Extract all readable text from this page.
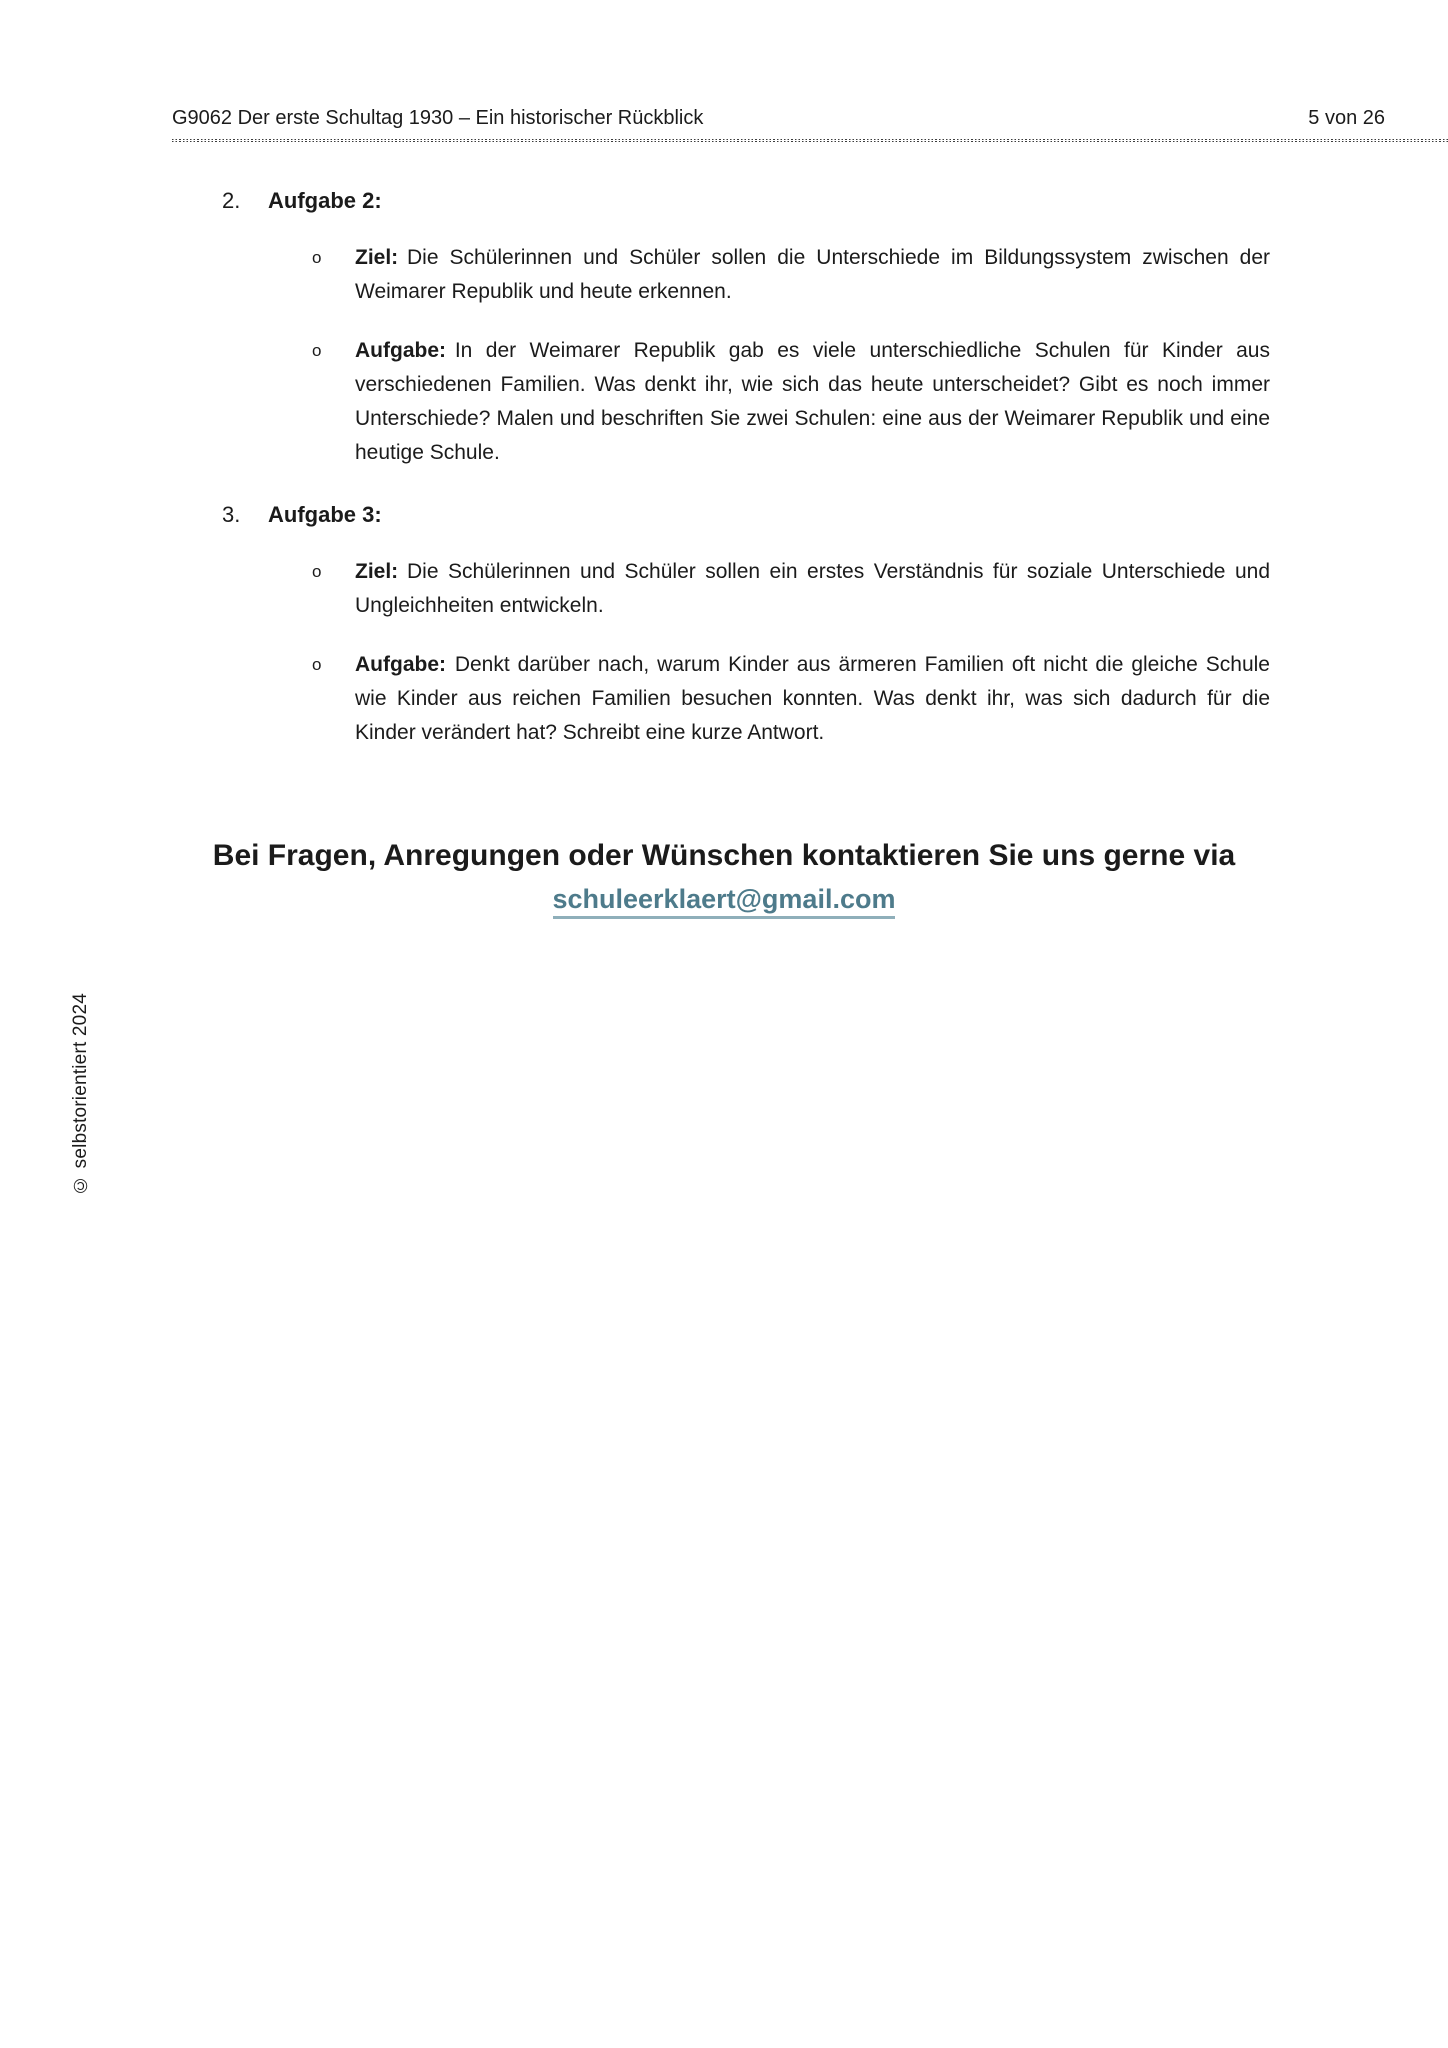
G9062 Der erste Schultag 1930 – Ein historischer Rückblick	5 von 26
2. Aufgabe 2:
o	Ziel: Die Schülerinnen und Schüler sollen die Unterschiede im Bildungssystem zwischen der Weimarer Republik und heute erkennen.

o	Aufgabe: In der Weimarer Republik gab es viele unterschiedliche Schulen für Kinder aus verschiedenen Familien. Was denkt ihr, wie sich das heute unterscheidet? Gibt es noch immer Unterschiede? Malen und beschriften Sie zwei Schulen: eine aus der Weimarer Republik und eine heutige Schule.

3. Aufgabe 3:
o	Ziel: Die Schülerinnen und Schüler sollen ein erstes Verständnis für soziale Unterschiede und Ungleichheiten entwickeln.

o	Aufgabe: Denkt darüber nach, warum Kinder aus ärmeren Familien oft nicht die gleiche Schule wie Kinder aus reichen Familien besuchen konnten. Was denkt ihr, was sich dadurch für die Kinder verändert hat? Schreibt eine kurze Antwort.

Bei Fragen, Anregungen oder Wünschen kontaktieren Sie uns gerne via
schuleerklaert@gmail.com
© selbstorientiert 2024
